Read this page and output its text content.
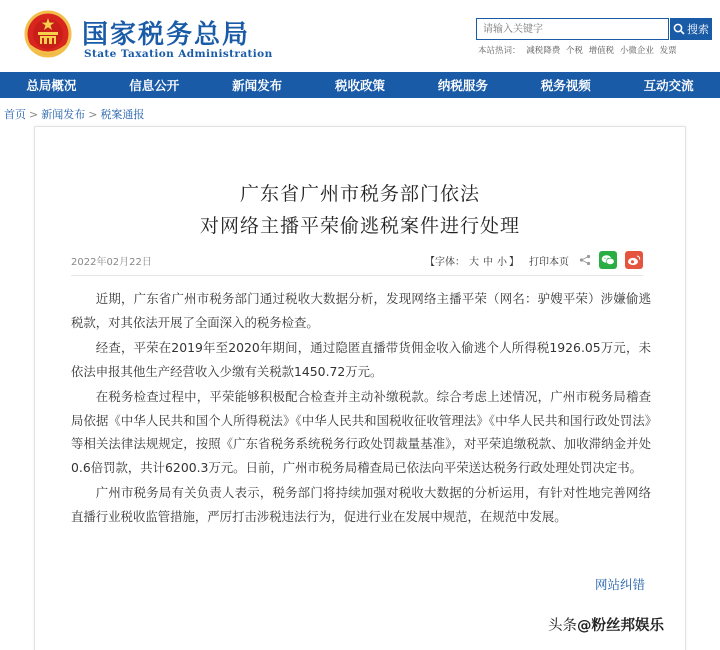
国家税务总局
State Taxation Administration
请输入关键字
搜索
本站热词： 减税降费 个税 增值税 小微企业 发票
总局概况	信息公开	新闻发布	税收政策	纳税服务	税务视频	互动交流
首页 > 新闻发布 > 税案通报
广东省广州市税务部门依法
对网络主播平荣偷逃税案件进行处理
2022年02月22日	【字体： 大 中 小 】 打印本页

近期，广东省广州市税务部门通过税收大数据分析，发现网络主播平荣（网名：驴嫂平荣）涉嫌偷逃税款，对其依法开展了全面深入的税务检查。

经查，平荣在2019年至2020年期间，通过隐匿直播带货佣金收入偷逃个人所得税1926.05万元，未依法申报其他生产经营收入少缴有关税款1450.72万元。

在税务检查过程中，平荣能够积极配合检查并主动补缴税款。综合考虑上述情况，广州市税务局稽查局依据《中华人民共和国个人所得税法》《中华人民共和国税收征收管理法》《中华人民共和国行政处罚法》等相关法律法规规定，按照《广东省税务系统税务行政处罚裁量基准》，对平荣追缴税款、加收滞纳金并处0.6倍罚款，共计6200.3万元。日前，广州市税务局稽查局已依法向平荣送达税务行政处理处罚决定书。

广州市税务局有关负责人表示，税务部门将持续加强对税收大数据的分析运用，有针对性地完善网络直播行业税收监管措施，严厉打击涉税违法行为，促进行业在发展中规范，在规范中发展。

网站纠错
头条@粉丝邦娱乐
